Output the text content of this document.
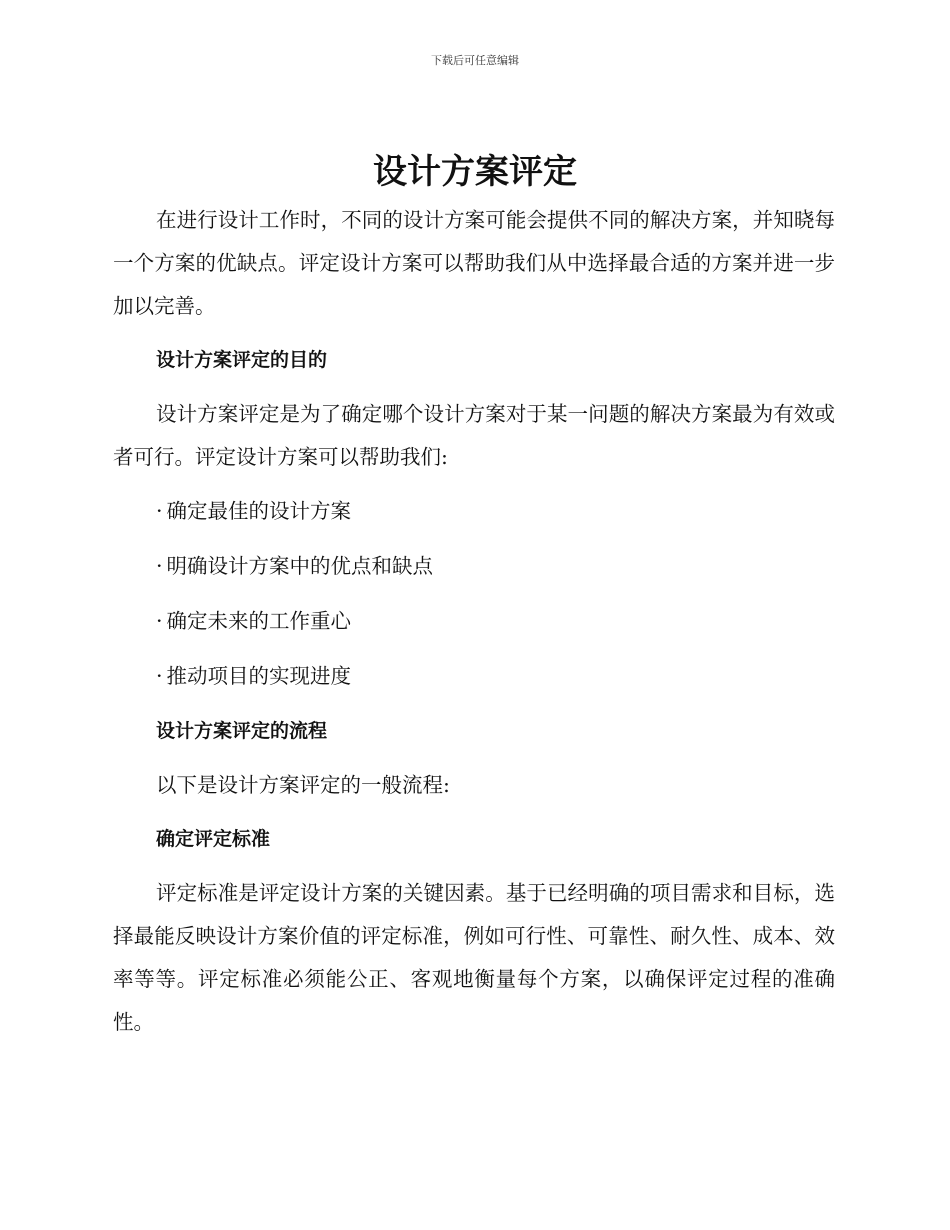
下载后可任意编辑
设计方案评定

在进行设计工作时，不同的设计方案可能会提供不同的解决方案，并知晓每一个方案的优缺点。评定设计方案可以帮助我们从中选择最合适的方案并进一步加以完善。

设计方案评定的目的

设计方案评定是为了确定哪个设计方案对于某一问题的解决方案最为有效或者可行。评定设计方案可以帮助我们:

· 确定最佳的设计方案
· 明确设计方案中的优点和缺点
· 确定未来的工作重心
· 推动项目的实现进度
设计方案评定的流程

以下是设计方案评定的一般流程:

确定评定标准

评定标准是评定设计方案的关键因素。基于已经明确的项目需求和目标，选择最能反映设计方案价值的评定标准，例如可行性、可靠性、耐久性、成本、效率等等。评定标准必须能公正、客观地衡量每个方案，以确保评定过程的准确性。
